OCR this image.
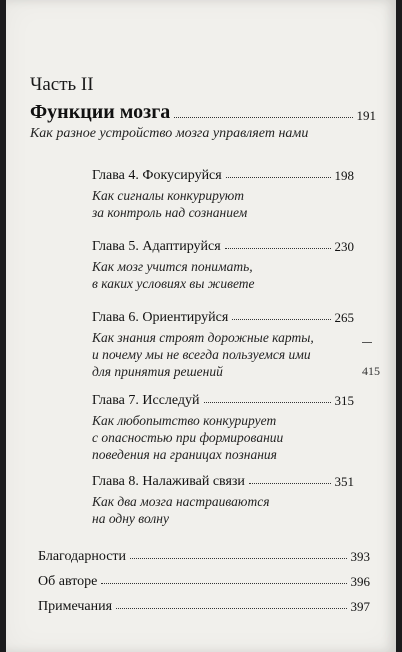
Часть II
Функции мозга	191
Как разное устройство мозга управляет нами
Глава 4. Фокусируйся	198
Как сигналы конкурируют
за контроль над сознанием
Глава 5. Адаптируйся	230
Как мозг учится понимать,
в каких условиях вы живете
Глава 6. Ориентируйся	265
Как знания строят дорожные карты,
и почему мы не всегда пользуемся ими
для принятия решений
Глава 7. Исследуй	315
Как любопытство конкурирует
с опасностью при формировании
поведения на границах познания
Глава 8. Налаживай связи	351
Как два мозга настраиваются
на одну волну
Благодарности	393
Об авторе	396
Примечания	397
415
